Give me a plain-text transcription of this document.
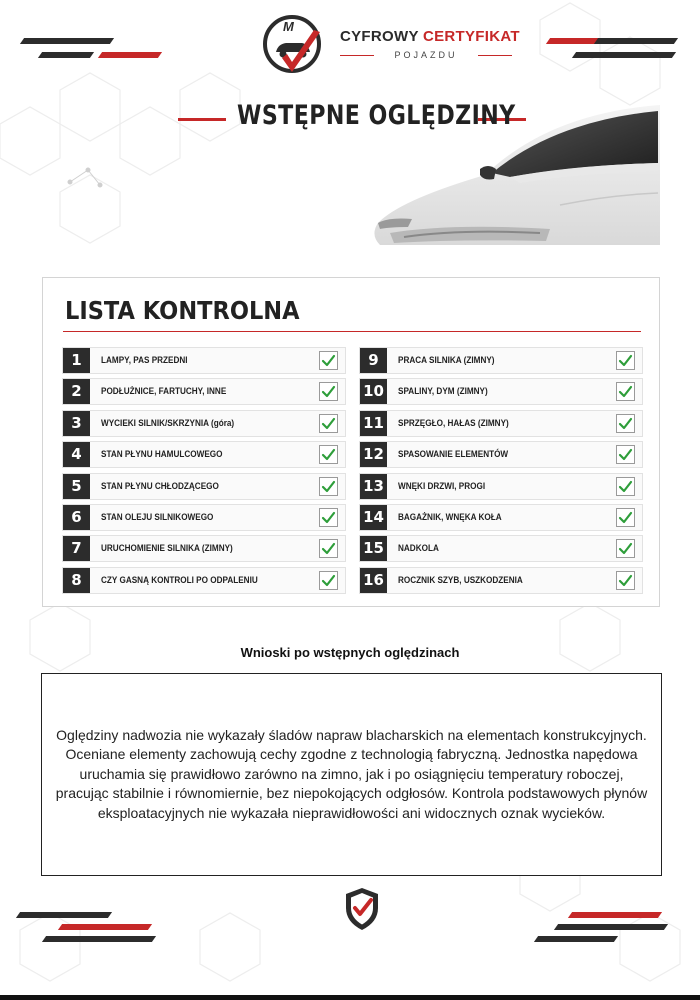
M
CYFROWY CERTYFIKAT
POJAZDU
WSTĘPNE OGLĘDZINY
LISTA KONTROLNA
1	LAMPY, PAS PRZEDNI
2	PODŁUŻNICE, FARTUCHY, INNE
3	WYCIEKI SILNIK/SKRZYNIA (góra)
4	STAN PŁYNU HAMULCOWEGO
5	STAN PŁYNU CHŁODZĄCEGO
6	STAN OLEJU SILNIKOWEGO
7	URUCHOMIENIE SILNIKA (ZIMNY)
8	CZY GASNĄ KONTROLI PO ODPALENIU
9	PRACA SILNIKA (ZIMNY)
10	SPALINY, DYM (ZIMNY)
11	SPRZĘGŁO, HAŁAS (ZIMNY)
12	SPASOWANIE ELEMENTÓW
13	WNĘKI DRZWI, PROGI
14	BAGAŻNIK, WNĘKA KOŁA
15	NADKOLA
16	ROCZNIK SZYB, USZKODZENIA
Wnioski po wstępnych oględzinach
Oględziny nadwozia nie wykazały śladów napraw blacharskich na elementach konstrukcyjnych. Oceniane elementy zachowują cechy zgodne z technologią fabryczną. Jednostka napędowa uruchamia się prawidłowo zarówno na zimno, jak i po osiągnięciu temperatury roboczej, pracując stabilnie i równomiernie, bez niepokojących odgłosów. Kontrola podstawowych płynów eksploatacyjnych nie wykazała nieprawidłowości ani widocznych oznak wycieków.
